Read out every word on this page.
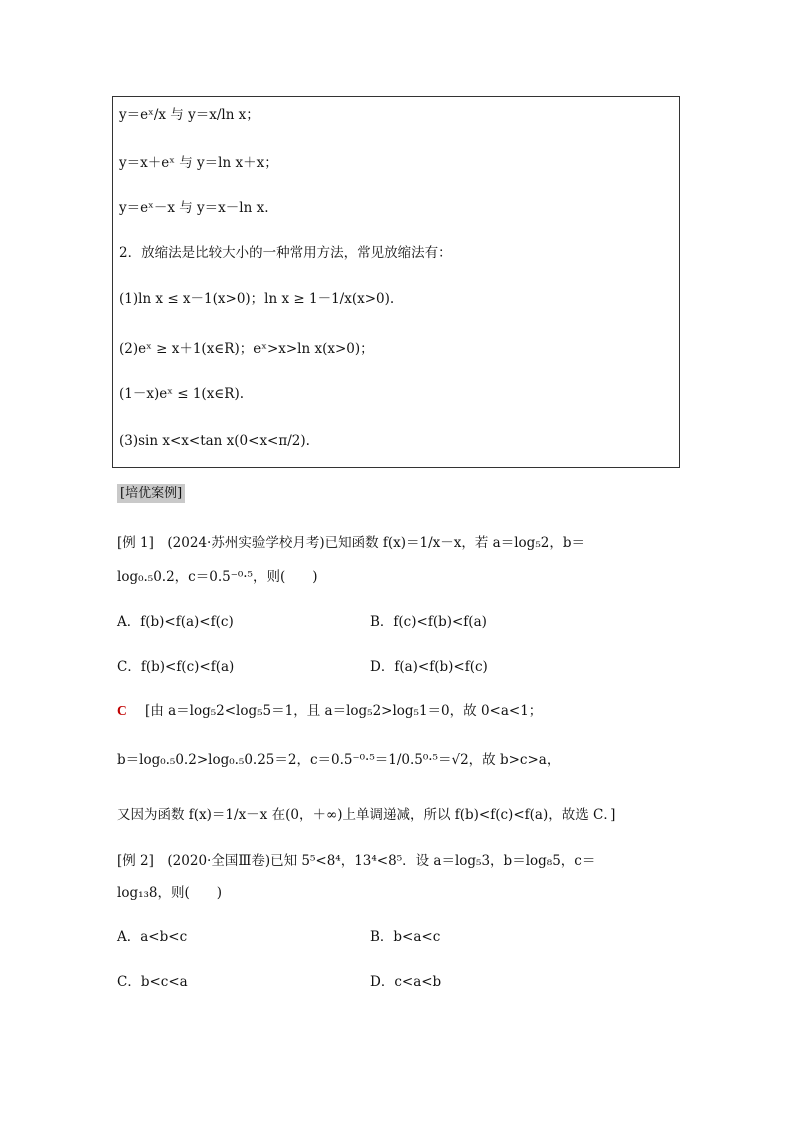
y＝eˣ/x 与 y＝x/ln x；
y＝x＋eˣ 与 y＝ln x＋x；
y＝eˣ－x 与 y＝x－ln x.
2．放缩法是比较大小的一种常用方法，常见放缩法有：
(1)ln x ≤ x－1(x>0)；ln x ≥ 1－1/x(x>0).
(2)eˣ ≥ x＋1(x∈R)；eˣ>x>ln x(x>0)；
(1－x)eˣ ≤ 1(x∈R).
(3)sin x<x<tan x(0<x<π/2).
[培优案例]
[例 1]　(2024·苏州实验学校月考)已知函数 f(x)＝1/x－x，若 a＝log₅2，b＝
log₀.₅0.2，c＝0.5⁻⁰·⁵，则(　　)
A．f(b)<f(a)<f(c)	B．f(c)<f(b)<f(a)
C．f(b)<f(c)<f(a)	D．f(a)<f(b)<f(c)
C [由 a＝log₅2<log₅5＝1，且 a＝log₅2>log₅1＝0，故 0<a<1；
b＝log₀.₅0.2>log₀.₅0.25＝2，c＝0.5⁻⁰·⁵＝1/0.5⁰·⁵＝√2，故 b>c>a，
又因为函数 f(x)＝1/x－x 在(0，＋∞)上单调递减，所以 f(b)<f(c)<f(a)，故选 C．]
[例 2]　(2020·全国Ⅲ卷)已知 5⁵<8⁴，13⁴<8⁵．设 a＝log₅3，b＝log₈5，c＝
log₁₃8，则(　　)
A．a<b<c	B．b<a<c
C．b<c<a	D．c<a<b
